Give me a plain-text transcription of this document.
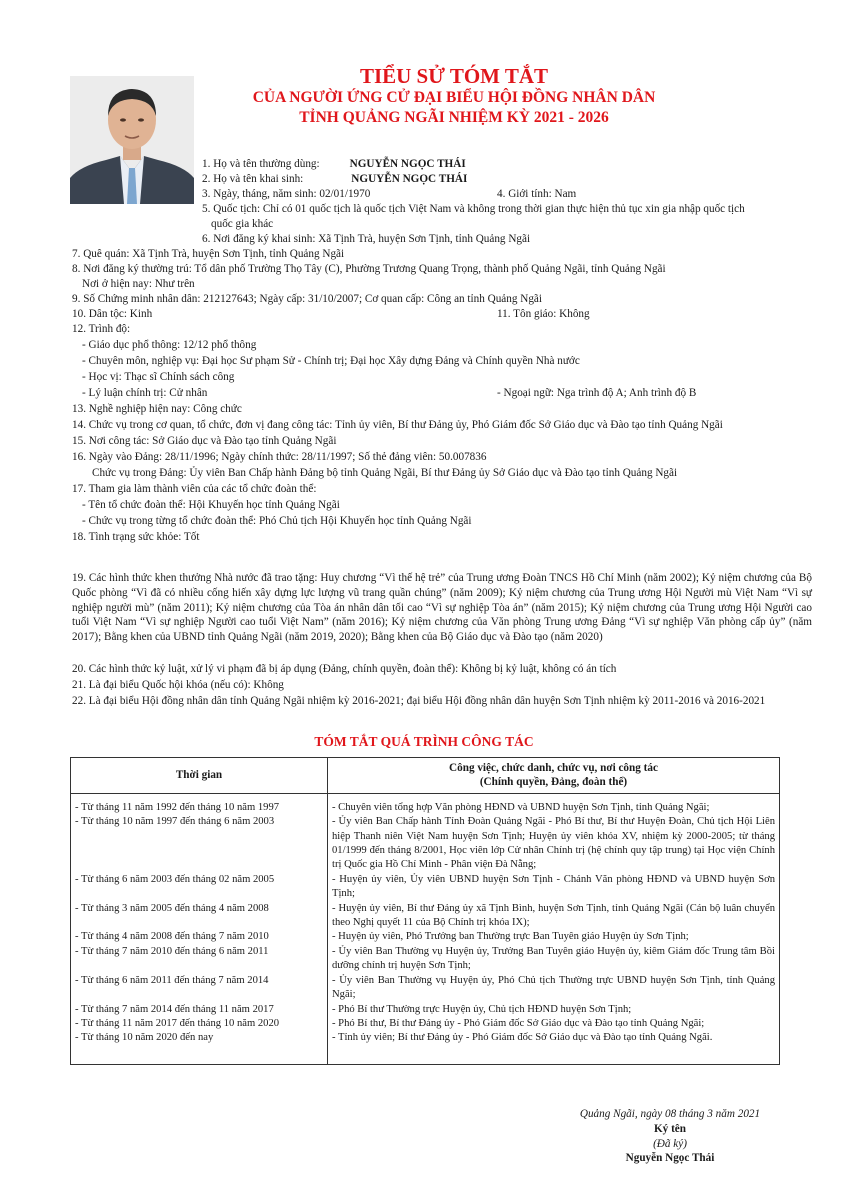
TIỂU SỬ TÓM TẮT
CỦA NGƯỜI ỨNG CỬ ĐẠI BIỂU HỘI ĐỒNG NHÂN DÂN
TỈNH QUẢNG NGÃI NHIỆM KỲ 2021 - 2026
1. Họ và tên thường dùng:	NGUYỄN NGỌC THÁI
2. Họ và tên khai sinh:	NGUYỄN NGỌC THÁI
3. Ngày, tháng, năm sinh: 02/01/1970	4. Giới tính: Nam
5. Quốc tịch: Chỉ có 01 quốc tịch là quốc tịch Việt Nam và không trong thời gian thực hiện thủ tục xin gia nhập quốc tịch
quốc gia khác
6. Nơi đăng ký khai sinh: Xã Tịnh Trà, huyện Sơn Tịnh, tỉnh Quảng Ngãi
7. Quê quán: Xã Tịnh Trà, huyện Sơn Tịnh, tỉnh Quảng Ngãi
8. Nơi đăng ký thường trú: Tổ dân phố Trường Thọ Tây (C), Phường Trương Quang Trọng, thành phố Quảng Ngãi, tỉnh Quảng Ngãi
Nơi ở hiện nay: Như trên
9. Số Chứng minh nhân dân: 212127643; Ngày cấp: 31/10/2007; Cơ quan cấp: Công an tỉnh Quảng Ngãi
10. Dân tộc: Kinh	11. Tôn giáo: Không
12. Trình độ:
- Giáo dục phổ thông: 12/12 phổ thông
- Chuyên môn, nghiệp vụ: Đại học Sư phạm Sử - Chính trị; Đại học Xây dựng Đảng và Chính quyền Nhà nước
- Học vị: Thạc sĩ Chính sách công
- Lý luận chính trị: Cử nhân	- Ngoại ngữ: Nga trình độ A; Anh trình độ B
13. Nghề nghiệp hiện nay: Công chức
14. Chức vụ trong cơ quan, tổ chức, đơn vị đang công tác: Tỉnh ủy viên, Bí thư Đảng ủy, Phó Giám đốc Sở Giáo dục và Đào tạo tỉnh Quảng Ngãi
15. Nơi công tác: Sở Giáo dục và Đào tạo tỉnh Quảng Ngãi
16. Ngày vào Đảng: 28/11/1996; Ngày chính thức: 28/11/1997; Số thẻ đảng viên: 50.007836
Chức vụ trong Đảng: Ủy viên Ban Chấp hành Đảng bộ tỉnh Quảng Ngãi, Bí thư Đảng ủy Sở Giáo dục và Đào tạo tỉnh Quảng Ngãi
17. Tham gia làm thành viên của các tổ chức đoàn thể:
- Tên tổ chức đoàn thể: Hội Khuyến học tỉnh Quảng Ngãi
- Chức vụ trong từng tổ chức đoàn thể: Phó Chủ tịch Hội Khuyến học tỉnh Quảng Ngãi
18. Tình trạng sức khỏe: Tốt
19. Các hình thức khen thưởng Nhà nước đã trao tặng: Huy chương “Vì thế hệ trẻ” của Trung ương Đoàn TNCS Hồ Chí Minh (năm 2002); Kỷ niệm chương của Bộ Quốc phòng “Vì đã có nhiều cống hiến xây dựng lực lượng vũ trang quần chúng” (năm 2009); Kỷ niệm chương của Trung ương Hội Người mù Việt Nam “Vì sự nghiệp người mù” (năm 2011); Kỷ niệm chương của Tòa án nhân dân tối cao “Vì sự nghiệp Tòa án” (năm 2015); Kỷ niệm chương của Trung ương Hội Người cao tuổi Việt Nam “Vì sự nghiệp Người cao tuổi Việt Nam” (năm 2016); Kỷ niệm chương của Văn phòng Trung ương Đảng “Vì sự nghiệp Văn phòng cấp ủy” (năm 2017); Bằng khen của UBND tỉnh Quảng Ngãi (năm 2019, 2020); Bằng khen của Bộ Giáo dục và Đào tạo (năm 2020)
20. Các hình thức kỷ luật, xử lý vi phạm đã bị áp dụng (Đảng, chính quyền, đoàn thể): Không bị kỷ luật, không có án tích
21. Là đại biểu Quốc hội khóa (nếu có): Không
22. Là đại biểu Hội đồng nhân dân tỉnh Quảng Ngãi nhiệm kỳ 2016-2021; đại biểu Hội đồng nhân dân huyện Sơn Tịnh nhiệm kỳ 2011-2016 và 2016-2021
TÓM TẮT QUÁ TRÌNH CÔNG TÁC
Thời gian	Công việc, chức danh, chức vụ, nơi công tác
(Chính quyền, Đảng, đoàn thể)

- Từ tháng 11 năm 1992 đến tháng 10 năm 1997	- Chuyên viên tổng hợp Văn phòng HĐND và UBND huyện Sơn Tịnh, tỉnh Quảng Ngãi;
- Từ tháng 10 năm 1997 đến tháng 6 năm 2003	- Ủy viên Ban Chấp hành Tỉnh Đoàn Quảng Ngãi - Phó Bí thư, Bí thư Huyện Đoàn, Chủ tịch Hội Liên hiệp Thanh niên Việt Nam huyện Sơn Tịnh; Huyện ủy viên khóa XV, nhiệm kỳ 2000-2005; từ tháng 01/1999 đến tháng 8/2001, Học viên lớp Cử nhân Chính trị (hệ chính quy tập trung) tại Học viện Chính trị Quốc gia Hồ Chí Minh - Phân viện Đà Nẵng;
- Từ tháng 6 năm 2003 đến tháng 02 năm 2005	- Huyện ủy viên, Ủy viên UBND huyện Sơn Tịnh - Chánh Văn phòng HĐND và UBND huyện Sơn Tịnh;
- Từ tháng 3 năm 2005 đến tháng 4 năm 2008	- Huyện ủy viên, Bí thư Đảng ủy xã Tịnh Bình, huyện Sơn Tịnh, tỉnh Quảng Ngãi (Cán bộ luân chuyển theo Nghị quyết 11 của Bộ Chính trị khóa IX);
- Từ tháng 4 năm 2008 đến tháng 7 năm 2010	- Huyện ủy viên, Phó Trưởng ban Thường trực Ban Tuyên giáo Huyện ủy Sơn Tịnh;
- Từ tháng 7 năm 2010 đến tháng 6 năm 2011	- Ủy viên Ban Thường vụ Huyện ủy, Trưởng Ban Tuyên giáo Huyện ủy, kiêm Giám đốc Trung tâm Bồi dưỡng chính trị huyện Sơn Tịnh;
- Từ tháng 6 năm 2011 đến tháng 7 năm 2014	- Ủy viên Ban Thường vụ Huyện ủy, Phó Chủ tịch Thường trực UBND huyện Sơn Tịnh, tỉnh Quảng Ngãi;
- Từ tháng 7 năm 2014 đến tháng 11 năm 2017	- Phó Bí thư Thường trực Huyện ủy, Chủ tịch HĐND huyện Sơn Tịnh;
- Từ tháng 11 năm 2017 đến tháng 10 năm 2020	- Phó Bí thư, Bí thư Đảng ủy - Phó Giám đốc Sở Giáo dục và Đào tạo tỉnh Quảng Ngãi;
- Từ tháng 10 năm 2020 đến nay	- Tỉnh ủy viên; Bí thư Đảng ủy - Phó Giám đốc Sở Giáo dục và Đào tạo tỉnh Quảng Ngãi.
Quảng Ngãi, ngày 08 tháng 3 năm 2021
Ký tên
(Đã ký)
Nguyễn Ngọc Thái
